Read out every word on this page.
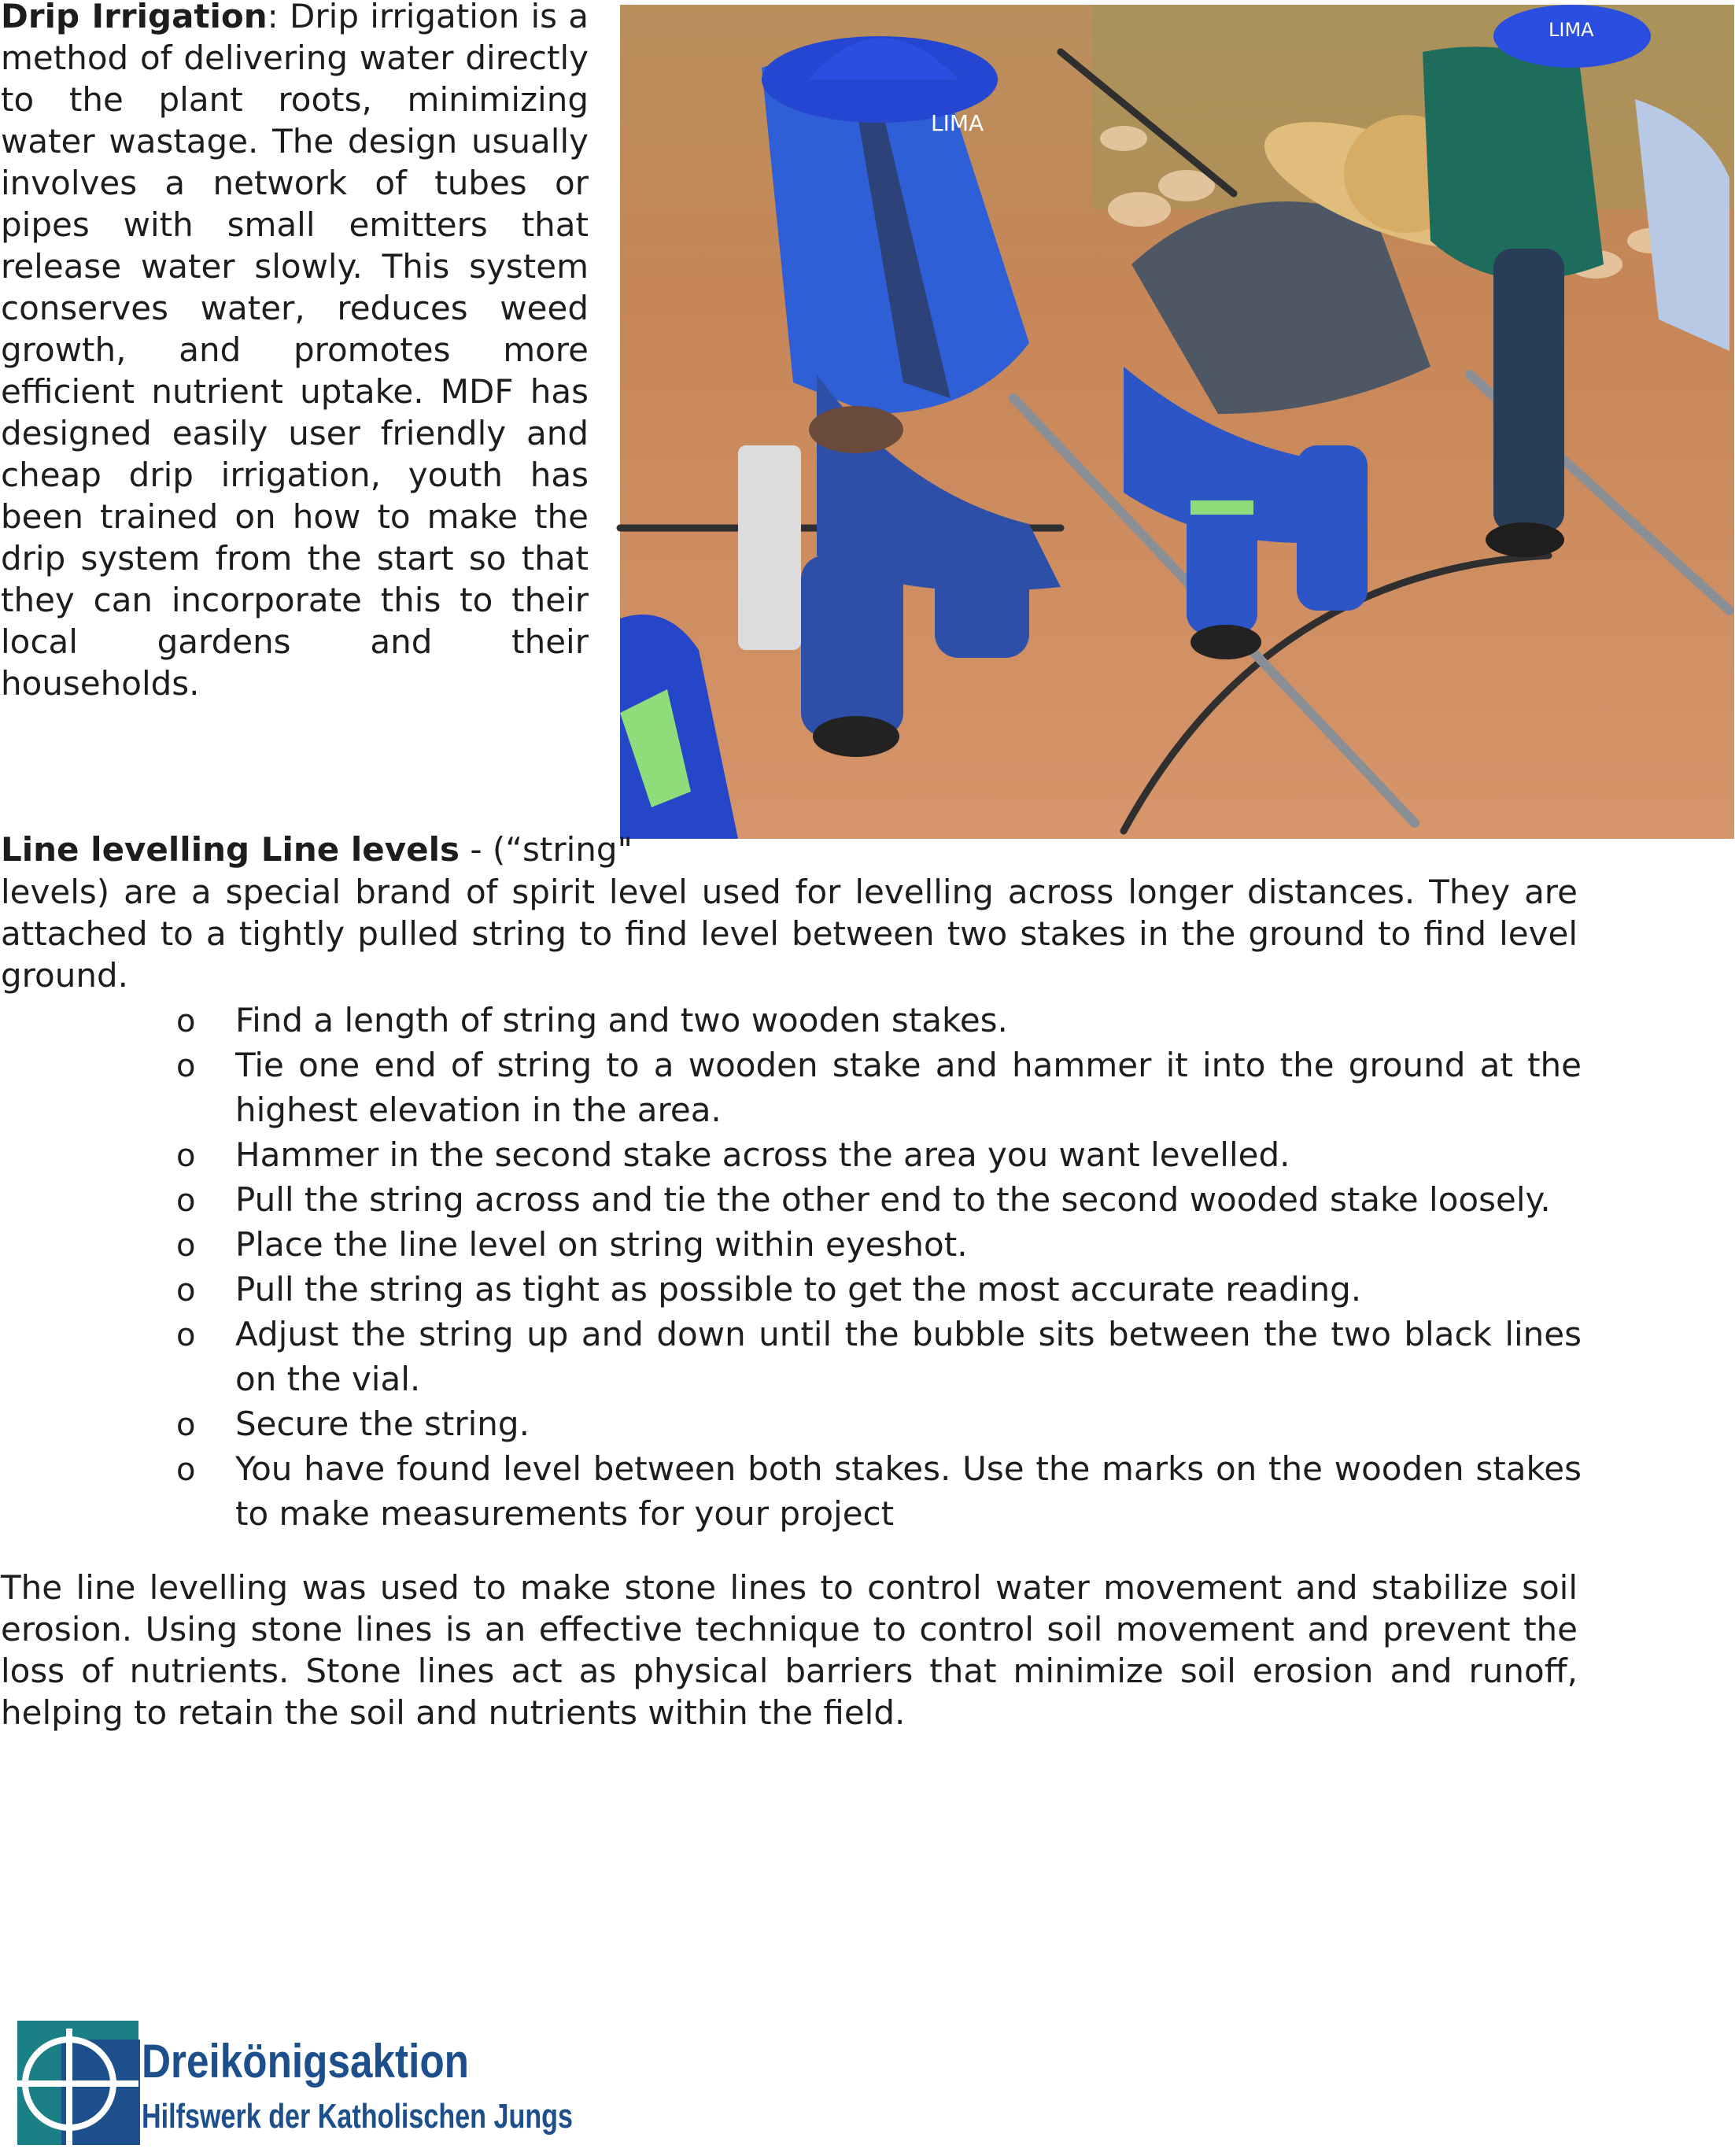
Drip Irrigation: Drip irrigation is a method of delivering water directly to the plant roots, minimizing water wastage. The design usually involves a network of tubes or pipes with small emitters that release water slowly. This system conserves water, reduces weed growth, and promotes more efficient nutrient uptake. MDF has designed easily user friendly and cheap drip irrigation, youth has been trained on how to make the drip system from the start so that they can incorporate this to their local gardens and their households.

LIMA
LIMA
Line levelling Line levels - (“string"

levels) are a special brand of spirit level used for levelling across longer distances. They are attached to a tightly pulled string to find level between two stakes in the ground to find level ground.

o Find a length of string and two wooden stakes.
o Tie one end of string to a wooden stake and hammer it into the ground at the highest elevation in the area.
o Hammer in the second stake across the area you want levelled.
o Pull the string across and tie the other end to the second wooded stake loosely.
o Place the line level on string within eyeshot.
o Pull the string as tight as possible to get the most accurate reading.
o Adjust the string up and down until the bubble sits between the two black lines on the vial.
o Secure the string.
o You have found level between both stakes. Use the marks on the wooden stakes to make measurements for your project

The line levelling was used to make stone lines to control water movement and stabilize soil erosion. Using stone lines is an effective technique to control soil movement and prevent the loss of nutrients. Stone lines act as physical barriers that minimize soil erosion and runoff, helping to retain the soil and nutrients within the field.

Dreikönigsaktion
Hilfswerk der Katholischen Jungs
